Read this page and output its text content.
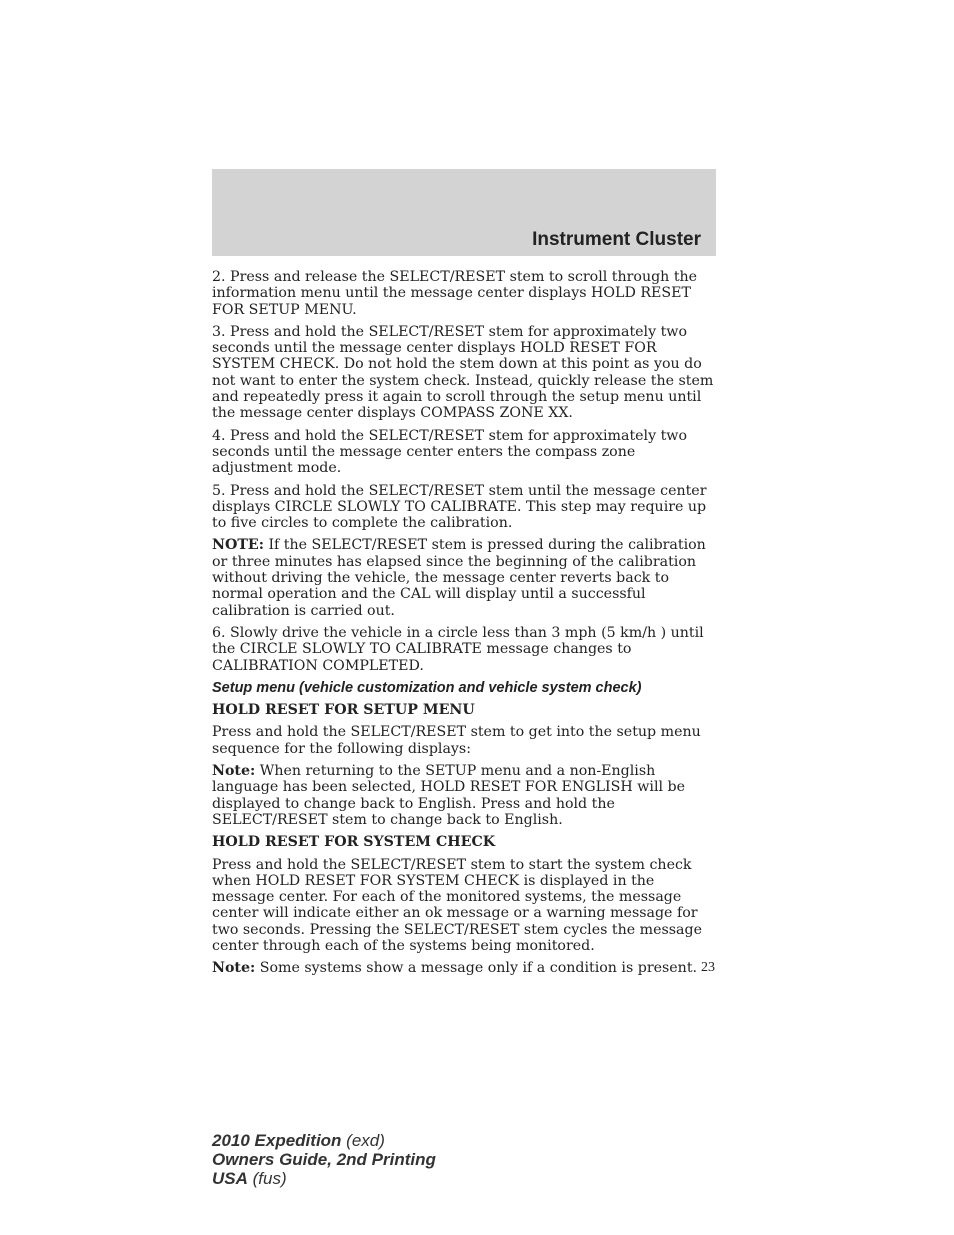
Instrument Cluster

2. Press and release the SELECT/RESET stem to scroll through the information menu until the message center displays HOLD RESET FOR SETUP MENU.

3. Press and hold the SELECT/RESET stem for approximately two seconds until the message center displays HOLD RESET FOR SYSTEM CHECK. Do not hold the stem down at this point as you do not want to enter the system check. Instead, quickly release the stem and repeatedly press it again to scroll through the setup menu until the message center displays COMPASS ZONE XX.

4. Press and hold the SELECT/RESET stem for approximately two seconds until the message center enters the compass zone adjustment mode.

5. Press and hold the SELECT/RESET stem until the message center displays CIRCLE SLOWLY TO CALIBRATE. This step may require up to five circles to complete the calibration.

NOTE: If the SELECT/RESET stem is pressed during the calibration or three minutes has elapsed since the beginning of the calibration without driving the vehicle, the message center reverts back to normal operation and the CAL will display until a successful calibration is carried out.

6. Slowly drive the vehicle in a circle less than 3 mph (5 km/h ) until the CIRCLE SLOWLY TO CALIBRATE message changes to CALIBRATION COMPLETED.

Setup menu (vehicle customization and vehicle system check)

HOLD RESET FOR SETUP MENU

Press and hold the SELECT/RESET stem to get into the setup menu sequence for the following displays:

Note: When returning to the SETUP menu and a non-English language has been selected, HOLD RESET FOR ENGLISH will be displayed to change back to English. Press and hold the SELECT/RESET stem to change back to English.

HOLD RESET FOR SYSTEM CHECK

Press and hold the SELECT/RESET stem to start the system check when HOLD RESET FOR SYSTEM CHECK is displayed in the message center. For each of the monitored systems, the message center will indicate either an ok message or a warning message for two seconds. Pressing the SELECT/RESET stem cycles the message center through each of the systems being monitored.

Note: Some systems show a message only if a condition is present. 23
2010 Expedition (exd)
Owners Guide, 2nd Printing
USA (fus)
